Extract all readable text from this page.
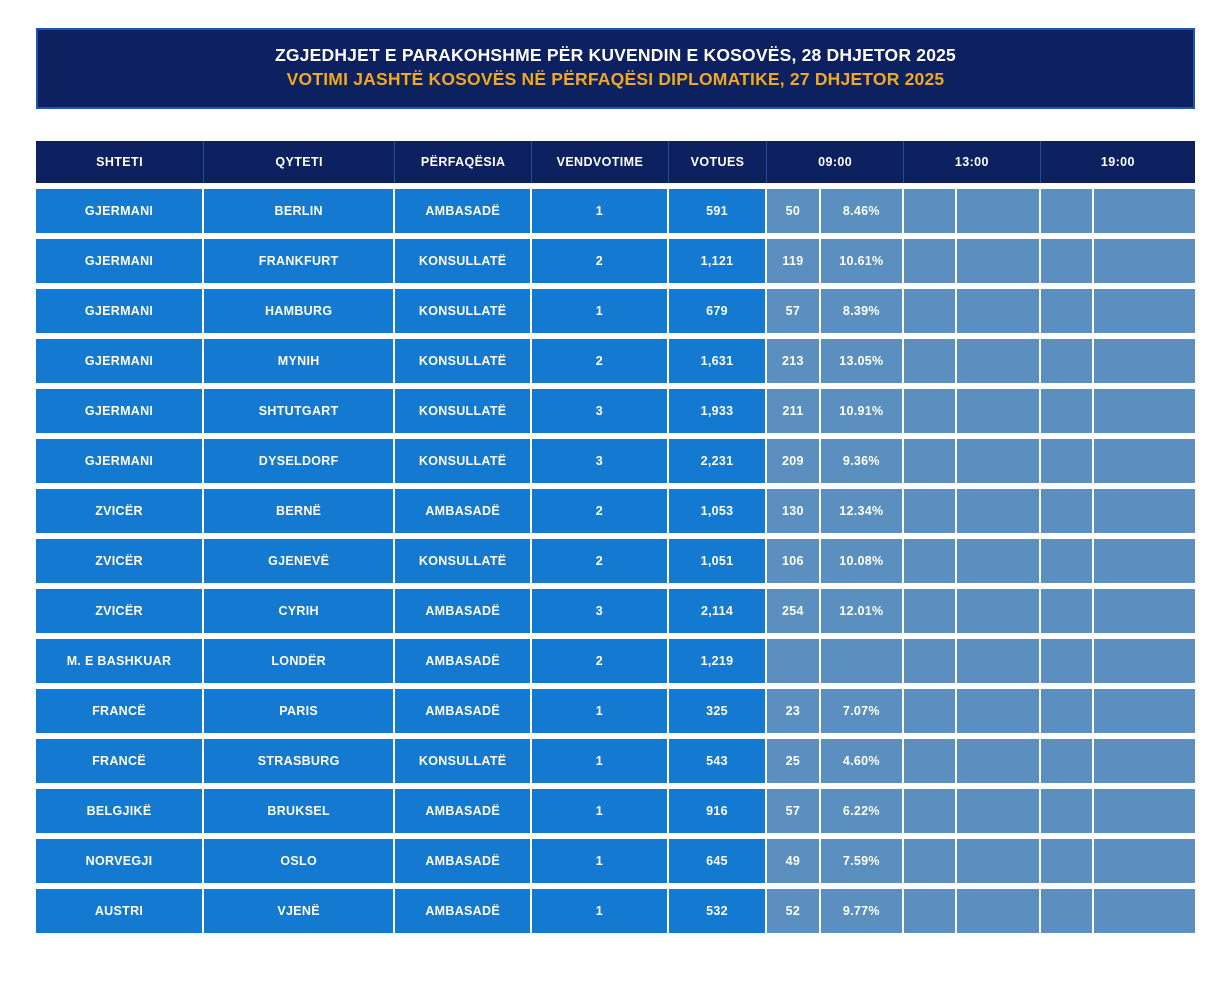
ZGJEDHJET E PARAKOHSHME PËR KUVENDIN E KOSOVËS, 28 DHJETOR 2025
VOTIMI JASHTË KOSOVËS NË PËRFAQËSI DIPLOMATIKE, 27 DHJETOR 2025
SHTETI	QYTETI	PËRFAQËSIA	VENDVOTIME	VOTUES	09:00		13:00		19:00	
GJERMANI	BERLIN	AMBASADË	1	591	50	8.46%				
GJERMANI	FRANKFURT	KONSULLATË	2	1,121	119	10.61%				
GJERMANI	HAMBURG	KONSULLATË	1	679	57	8.39%				
GJERMANI	MYNIH	KONSULLATË	2	1,631	213	13.05%				
GJERMANI	SHTUTGART	KONSULLATË	3	1,933	211	10.91%				
GJERMANI	DYSELDORF	KONSULLATË	3	2,231	209	9.36%				
ZVICËR	BERNË	AMBASADË	2	1,053	130	12.34%				
ZVICËR	GJENEVË	KONSULLATË	2	1,051	106	10.08%				
ZVICËR	CYRIH	AMBASADË	3	2,114	254	12.01%				
M. E BASHKUAR	LONDËR	AMBASADË	2	1,219						
FRANCË	PARIS	AMBASADË	1	325	23	7.07%				
FRANCË	STRASBURG	KONSULLATË	1	543	25	4.60%				
BELGJIKË	BRUKSEL	AMBASADË	1	916	57	6.22%				
NORVEGJI	OSLO	AMBASADË	1	645	49	7.59%				
AUSTRI	VJENË	AMBASADË	1	532	52	9.77%				
